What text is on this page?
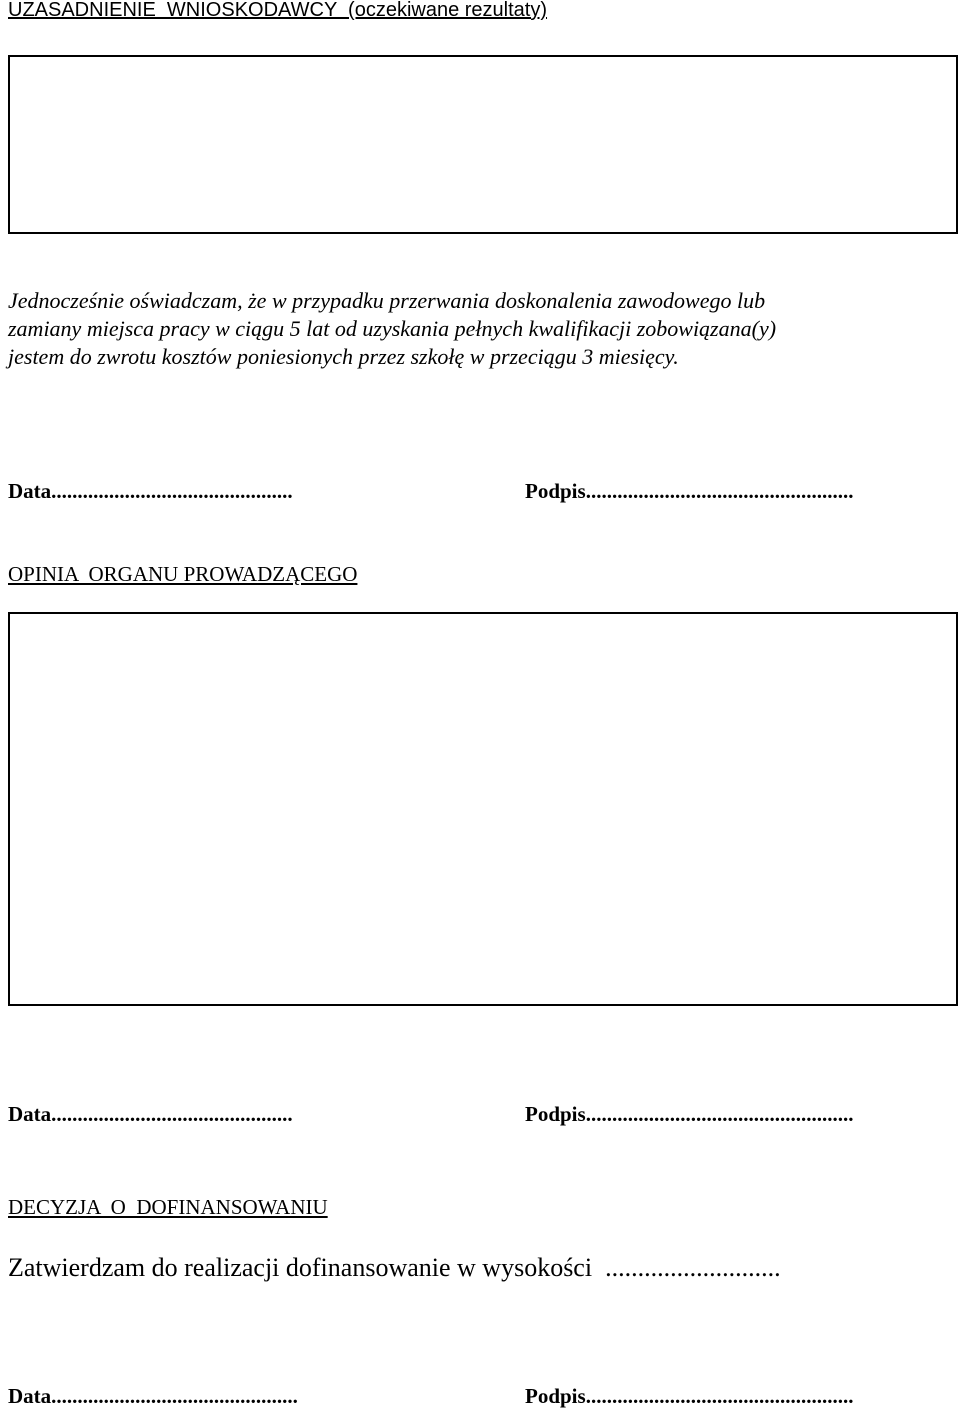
UZASADNIENIE  WNIOSKODAWCY  (oczekiwane rezultaty)
Jednocześnie oświadczam, że w przypadku przerwania doskonalenia zawodowego lub
zamiany miejsca pracy w ciągu 5 lat od uzyskania pełnych kwalifikacji zobowiązana(y)
jestem do zwrotu kosztów poniesionych przez szkołę w przeciągu 3 miesięcy.
Data..............................................	Podpis...................................................
OPINIA  ORGANU PROWADZĄCEGO
Data..............................................	Podpis...................................................
DECYZJA  O  DOFINANSOWANIU
Zatwierdzam do realizacji dofinansowanie w wysokości  ...........................
Data...............................................	Podpis...................................................
